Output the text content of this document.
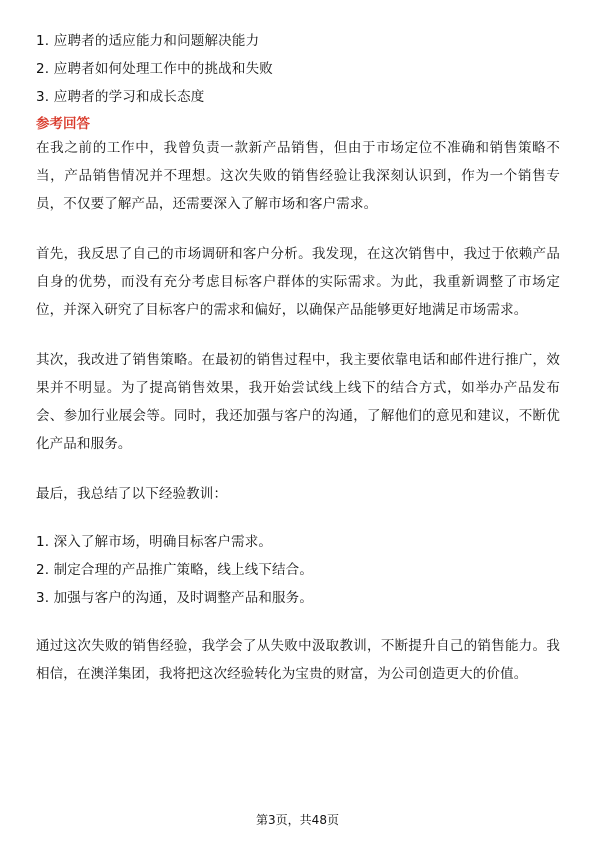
1. 应聘者的适应能力和问题解决能力

2. 应聘者如何处理工作中的挑战和失败

3. 应聘者的学习和成长态度

参考回答

在我之前的工作中，我曾负责一款新产品销售，但由于市场定位不准确和销售策略不当，产品销售情况并不理想。这次失败的销售经验让我深刻认识到，作为一个销售专员，不仅要了解产品，还需要深入了解市场和客户需求。

首先，我反思了自己的市场调研和客户分析。我发现，在这次销售中，我过于依赖产品自身的优势，而没有充分考虑目标客户群体的实际需求。为此，我重新调整了市场定位，并深入研究了目标客户的需求和偏好，以确保产品能够更好地满足市场需求。

其次，我改进了销售策略。在最初的销售过程中，我主要依靠电话和邮件进行推广，效果并不明显。为了提高销售效果，我开始尝试线上线下的结合方式，如举办产品发布会、参加行业展会等。同时，我还加强与客户的沟通，了解他们的意见和建议，不断优化产品和服务。

最后，我总结了以下经验教训：

1. 深入了解市场，明确目标客户需求。

2. 制定合理的产品推广策略，线上线下结合。

3. 加强与客户的沟通，及时调整产品和服务。

通过这次失败的销售经验，我学会了从失败中汲取教训，不断提升自己的销售能力。我相信，在澳洋集团，我将把这次经验转化为宝贵的财富，为公司创造更大的价值。

第3页，共48页
